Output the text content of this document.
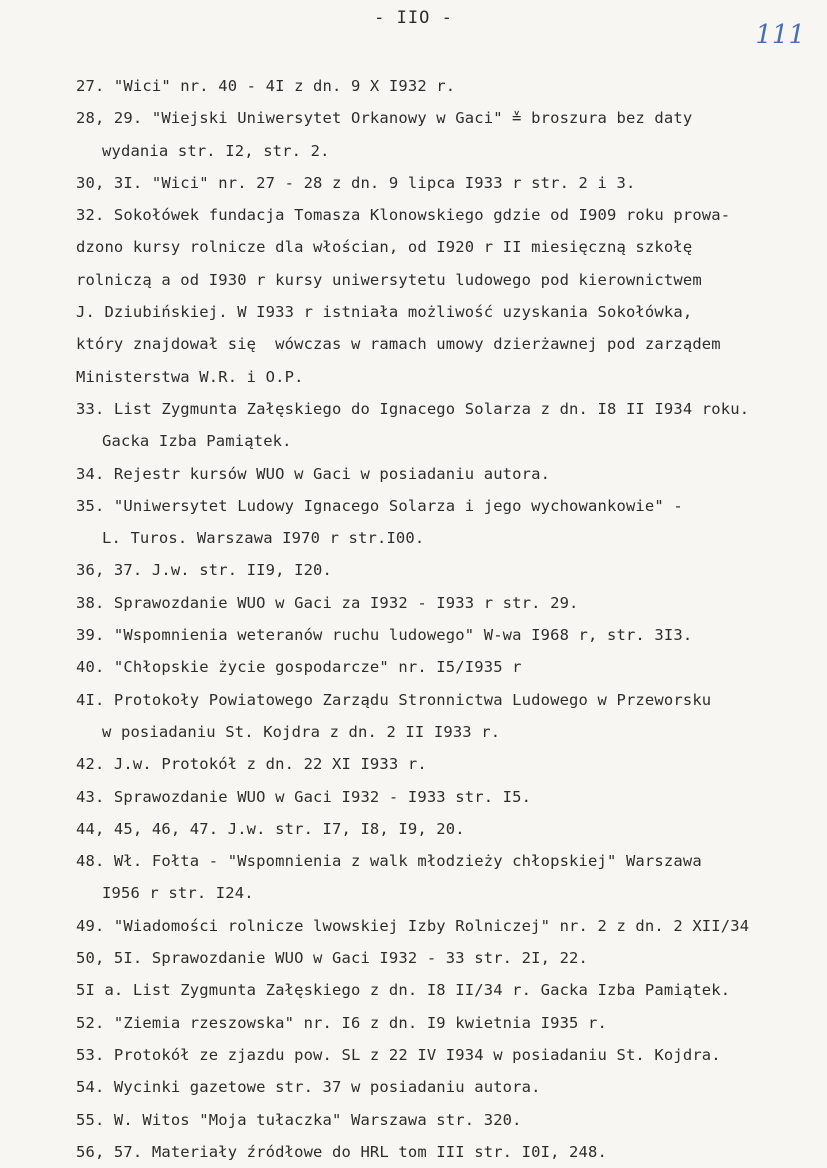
- IIO -
111
27. "Wici" nr. 40 - 4I z dn. 9 X I932 r.
28, 29. "Wiejski Uniwersytet Orkanowy w Gaci" ≚ broszura bez daty
wydania str. I2, str. 2.
30, 3I. "Wici" nr. 27 - 28 z dn. 9 lipca I933 r str. 2 i 3.
32. Sokołówek fundacja Tomasza Klonowskiego gdzie od I909 roku prowa-
dzono kursy rolnicze dla włościan, od I920 r II miesięczną szkołę
rolniczą a od I930 r kursy uniwersytetu ludowego pod kierownictwem
J. Dziubińskiej. W I933 r istniała możliwość uzyskania Sokołówka,
który znajdował się  wówczas w ramach umowy dzierżawnej pod zarządem
Ministerstwa W.R. i O.P.
33. List Zygmunta Załęskiego do Ignacego Solarza z dn. I8 II I934 roku.
Gacka Izba Pamiątek.
34. Rejestr kursów WUO w Gaci w posiadaniu autora.
35. "Uniwersytet Ludowy Ignacego Solarza i jego wychowankowie" -
L. Turos. Warszawa I970 r str.I00.
36, 37. J.w. str. II9, I20.
38. Sprawozdanie WUO w Gaci za I932 - I933 r str. 29.
39. "Wspomnienia weteranów ruchu ludowego" W-wa I968 r, str. 3I3.
40. "Chłopskie życie gospodarcze" nr. I5/I935 r
4I. Protokoły Powiatowego Zarządu Stronnictwa Ludowego w Przeworsku
w posiadaniu St. Kojdra z dn. 2 II I933 r.
42. J.w. Protokół z dn. 22 XI I933 r.
43. Sprawozdanie WUO w Gaci I932 - I933 str. I5.
44, 45, 46, 47. J.w. str. I7, I8, I9, 20.
48. Wł. Fołta - "Wspomnienia z walk młodzieży chłopskiej" Warszawa
I956 r str. I24.
49. "Wiadomości rolnicze lwowskiej Izby Rolniczej" nr. 2 z dn. 2 XII/34
50, 5I. Sprawozdanie WUO w Gaci I932 - 33 str. 2I, 22.
5I a. List Zygmunta Załęskiego z dn. I8 II/34 r. Gacka Izba Pamiątek.
52. "Ziemia rzeszowska" nr. I6 z dn. I9 kwietnia I935 r.
53. Protokół ze zjazdu pow. SL z 22 IV I934 w posiadaniu St. Kojdra.
54. Wycinki gazetowe str. 37 w posiadaniu autora.
55. W. Witos "Moja tułaczka" Warszawa str. 320.
56, 57. Materiały źródłowe do HRL tom III str. I0I, 248.
